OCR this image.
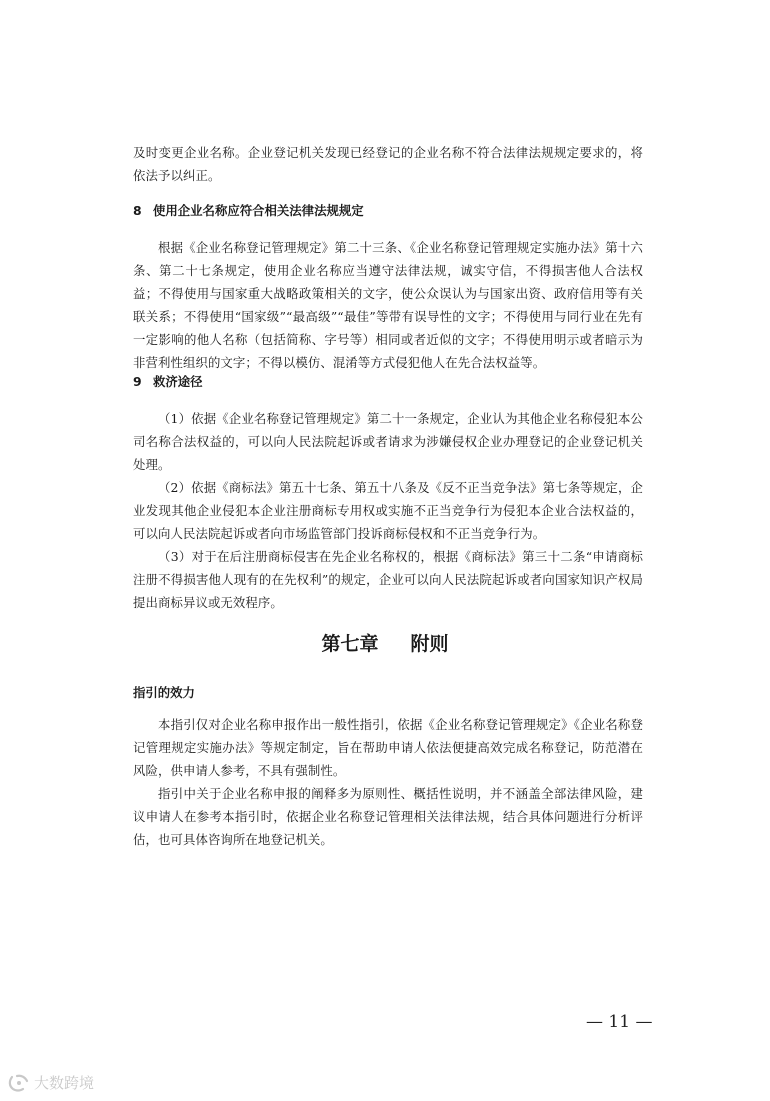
及时变更企业名称。企业登记机关发现已经登记的企业名称不符合法律法规规定要求的，将依法予以纠正。

8 使用企业名称应符合相关法律法规规定

根据《企业名称登记管理规定》第二十三条、《企业名称登记管理规定实施办法》第十六条、第二十七条规定，使用企业名称应当遵守法律法规，诚实守信，不得损害他人合法权益；不得使用与国家重大战略政策相关的文字，使公众误认为与国家出资、政府信用等有关联关系；不得使用“国家级”“最高级”“最佳”等带有误导性的文字；不得使用与同行业在先有一定影响的他人名称（包括简称、字号等）相同或者近似的文字；不得使用明示或者暗示为非营利性组织的文字；不得以模仿、混淆等方式侵犯他人在先合法权益等。

9 救济途径

（1）依据《企业名称登记管理规定》第二十一条规定，企业认为其他企业名称侵犯本公司名称合法权益的，可以向人民法院起诉或者请求为涉嫌侵权企业办理登记的企业登记机关处理。

（2）依据《商标法》第五十七条、第五十八条及《反不正当竞争法》第七条等规定，企业发现其他企业侵犯本企业注册商标专用权或实施不正当竞争行为侵犯本企业合法权益的，可以向人民法院起诉或者向市场监管部门投诉商标侵权和不正当竞争行为。

（3）对于在后注册商标侵害在先企业名称权的，根据《商标法》第三十二条“申请商标注册不得损害他人现有的在先权利”的规定，企业可以向人民法院起诉或者向国家知识产权局提出商标异议或无效程序。

第七章 附则
指引的效力

本指引仅对企业名称申报作出一般性指引，依据《企业名称登记管理规定》《企业名称登记管理规定实施办法》等规定制定，旨在帮助申请人依法便捷高效完成名称登记，防范潜在风险，供申请人参考，不具有强制性。

指引中关于企业名称申报的阐释多为原则性、概括性说明，并不涵盖全部法律风险，建议申请人在参考本指引时，依据企业名称登记管理相关法律法规，结合具体问题进行分析评估，也可具体咨询所在地登记机关。

— 11 —
大数跨境
